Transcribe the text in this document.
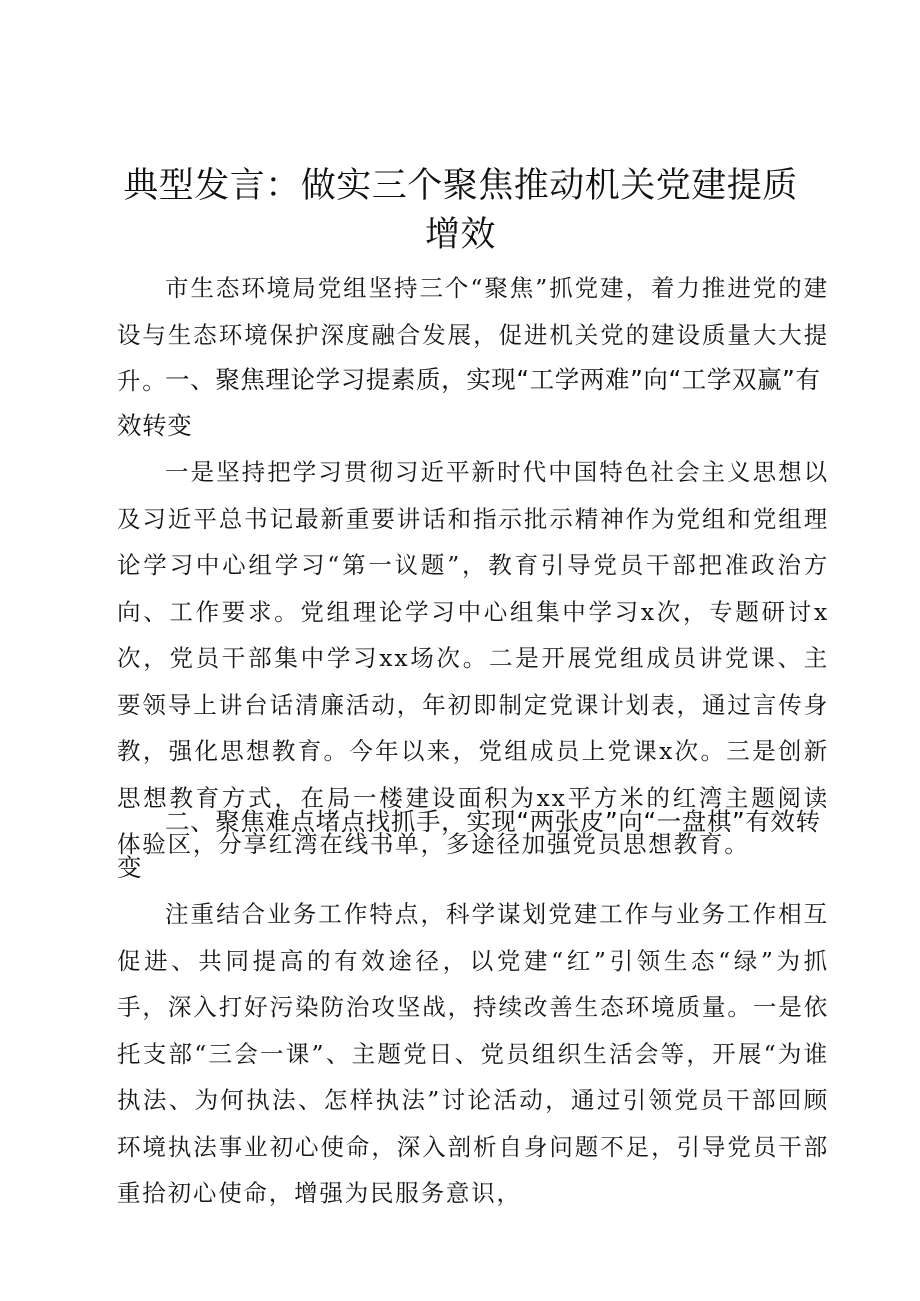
典型发言：做实三个聚焦推动机关党建提质增效

市生态环境局党组坚持三个“聚焦”抓党建，着力推进党的建设与生态环境保护深度融合发展，促进机关党的建设质量大大提升。

一、聚焦理论学习提素质，实现“工学两难”向“工学双赢”有效转变

一是坚持把学习贯彻习近平新时代中国特色社会主义思想以及习近平总书记最新重要讲话和指示批示精神作为党组和党组理论学习中心组学习“第一议题”，教育引导党员干部把准政治方向、工作要求。党组理论学习中心组集中学习x次，专题研讨x次，党员干部集中学习xx场次。二是开展党组成员讲党课、主要领导上讲台话清廉活动，年初即制定党课计划表，通过言传身教，强化思想教育。今年以来，党组成员上党课x次。三是创新思想教育方式，在局一楼建设面积为xx平方米的红湾主题阅读体验区，分享红湾在线书单，多途径加强党员思想教育。

二、聚焦难点堵点找抓手，实现“两张皮”向“一盘棋”有效转变

注重结合业务工作特点，科学谋划党建工作与业务工作相互促进、共同提高的有效途径，以党建“红”引领生态“绿”为抓手，深入打好污染防治攻坚战，持续改善生态环境质量。一是依托支部“三会一课”、主题党日、党员组织生活会等，开展“为谁执法、为何执法、怎样执法”讨论活动，通过引领党员干部回顾环境执法事业初心使命，深入剖析自身问题不足，引导党员干部重拾初心使命，增强为民服务意识，
